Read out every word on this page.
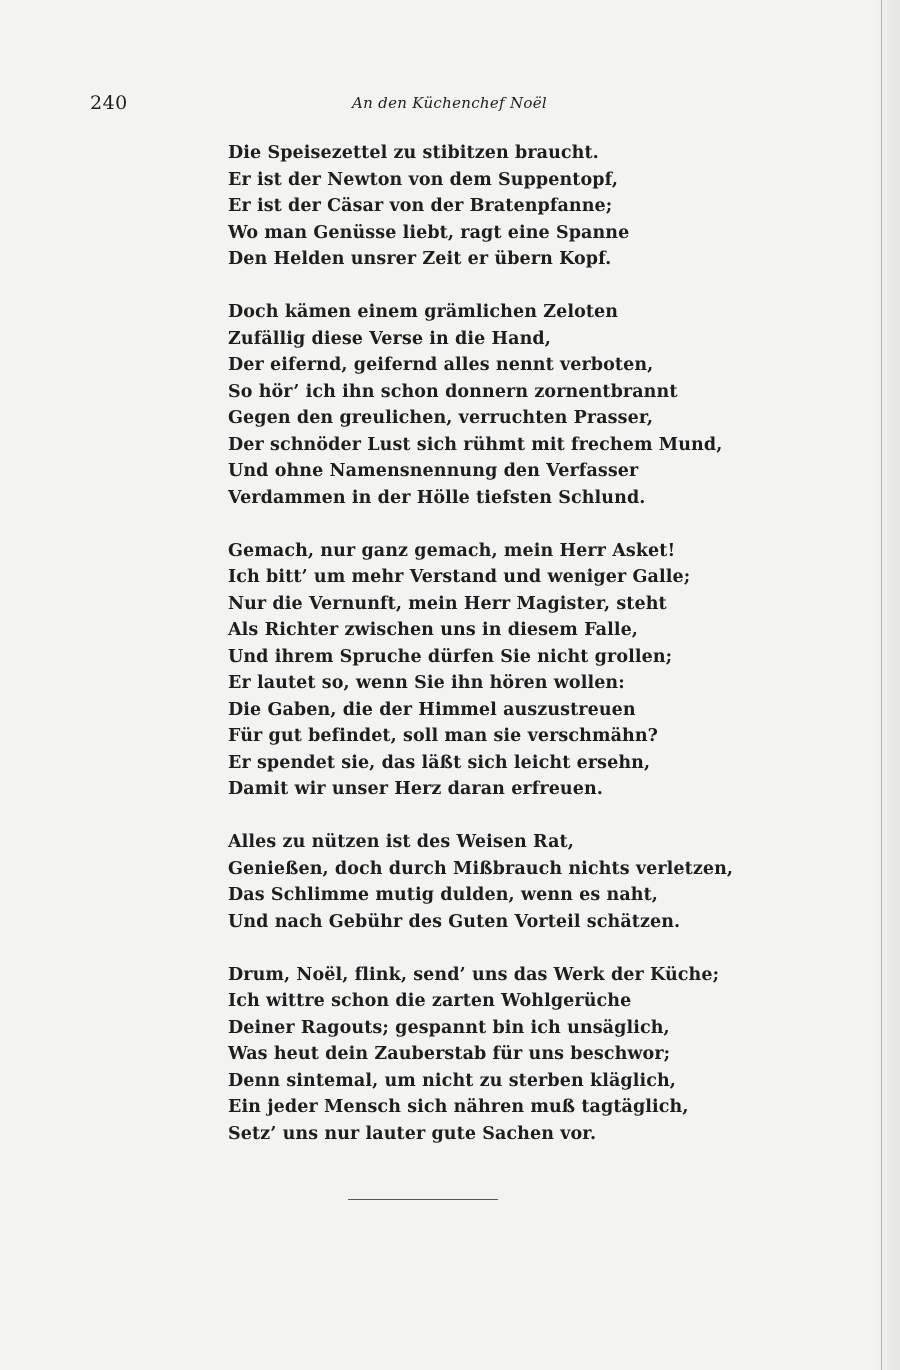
240	An den Küchenchef Noël
Die Speisezettel zu stibitzen braucht.
Er ist der Newton von dem Suppentopf,
Er ist der Cäsar von der Bratenpfanne;
Wo man Genüsse liebt, ragt eine Spanne
Den Helden unsrer Zeit er übern Kopf.
Doch kämen einem grämlichen Zeloten
Zufällig diese Verse in die Hand,
Der eifernd, geifernd alles nennt verboten,
So hör’ ich ihn schon donnern zornentbrannt
Gegen den greulichen, verruchten Prasser,
Der schnöder Lust sich rühmt mit frechem Mund,
Und ohne Namensnennung den Verfasser
Verdammen in der Hölle tiefsten Schlund.
Gemach, nur ganz gemach, mein Herr Asket!
Ich bitt’ um mehr Verstand und weniger Galle;
Nur die Vernunft, mein Herr Magister, steht
Als Richter zwischen uns in diesem Falle,
Und ihrem Spruche dürfen Sie nicht grollen;
Er lautet so, wenn Sie ihn hören wollen:
Die Gaben, die der Himmel auszustreuen
Für gut befindet, soll man sie verschmähn?
Er spendet sie, das läßt sich leicht ersehn,
Damit wir unser Herz daran erfreuen.
Alles zu nützen ist des Weisen Rat,
Genießen, doch durch Mißbrauch nichts verletzen,
Das Schlimme mutig dulden, wenn es naht,
Und nach Gebühr des Guten Vorteil schätzen.
Drum, Noël, flink, send’ uns das Werk der Küche;
Ich wittre schon die zarten Wohlgerüche
Deiner Ragouts; gespannt bin ich unsäglich,
Was heut dein Zauberstab für uns beschwor;
Denn sintemal, um nicht zu sterben kläglich,
Ein jeder Mensch sich nähren muß tagtäglich,
Setz’ uns nur lauter gute Sachen vor.
